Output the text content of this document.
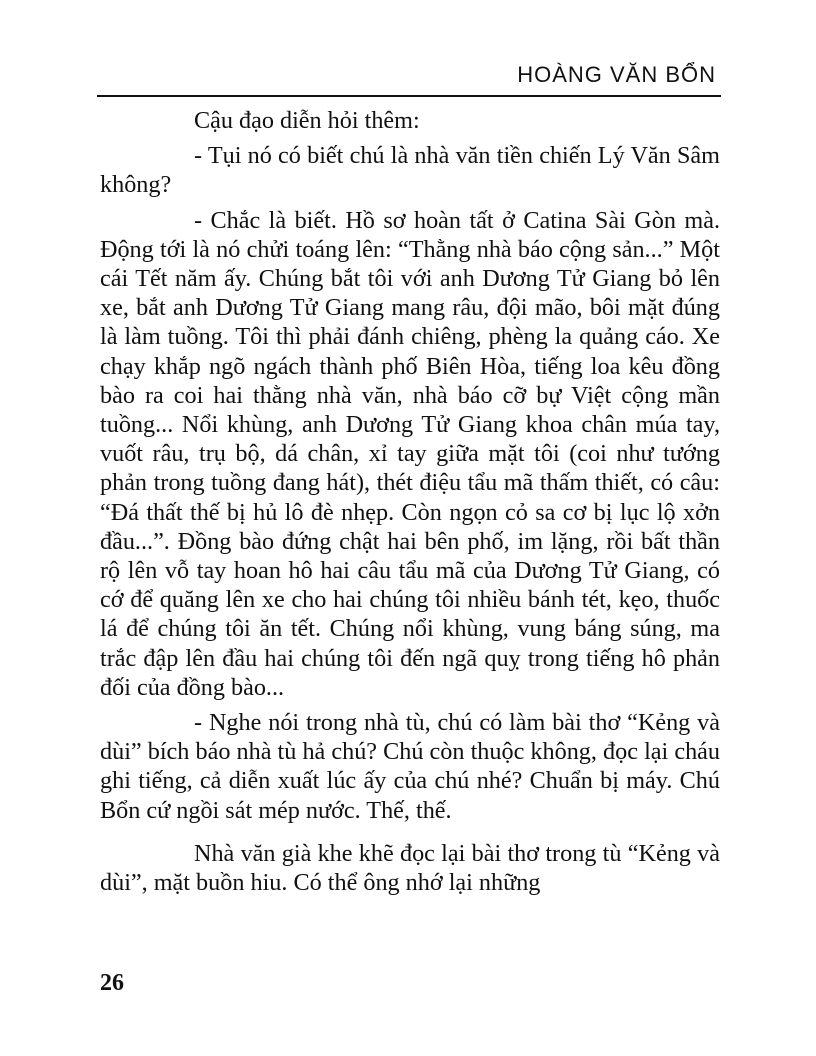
HOÀNG VĂN BỔN

Cậu đạo diễn hỏi thêm:

- Tụi nó có biết chú là nhà văn tiền chiến Lý Văn Sâm không?

- Chắc là biết. Hồ sơ hoàn tất ở Catina Sài Gòn mà. Động tới là nó chửi toáng lên: “Thằng nhà báo cộng sản...” Một cái Tết năm ấy. Chúng bắt tôi với anh Dương Tử Giang bỏ lên xe, bắt anh Dương Tử Giang mang râu, đội mão, bôi mặt đúng là làm tuồng. Tôi thì phải đánh chiêng, phèng la quảng cáo. Xe chạy khắp ngõ ngách thành phố Biên Hòa, tiếng loa kêu đồng bào ra coi hai thằng nhà văn, nhà báo cỡ bự Việt cộng mần tuồng... Nổi khùng, anh Dương Tử Giang khoa chân múa tay, vuốt râu, trụ bộ, dá chân, xỉ tay giữa mặt tôi (coi như tướng phản trong tuồng đang hát), thét điệu tẩu mã thấm thiết, có câu: “Đá thất thế bị hủ lô đè nhẹp. Còn ngọn cỏ sa cơ bị lục lộ xởn đầu...”. Đồng bào đứng chật hai bên phố, im lặng, rồi bất thần rộ lên vỗ tay hoan hô hai câu tẩu mã của Dương Tử Giang, có cớ để quăng lên xe cho hai chúng tôi nhiều bánh tét, kẹo, thuốc lá để chúng tôi ăn tết. Chúng nổi khùng, vung báng súng, ma trắc đập lên đầu hai chúng tôi đến ngã quỵ trong tiếng hô phản đối của đồng bào...

- Nghe nói trong nhà tù, chú có làm bài thơ “Kẻng và dùi” bích báo nhà tù hả chú? Chú còn thuộc không, đọc lại cháu ghi tiếng, cả diễn xuất lúc ấy của chú nhé? Chuẩn bị máy. Chú Bổn cứ ngồi sát mép nước. Thế, thế.

Nhà văn già khe khẽ đọc lại bài thơ trong tù “Kẻng và dùi”, mặt buồn hiu. Có thể ông nhớ lại những

26
